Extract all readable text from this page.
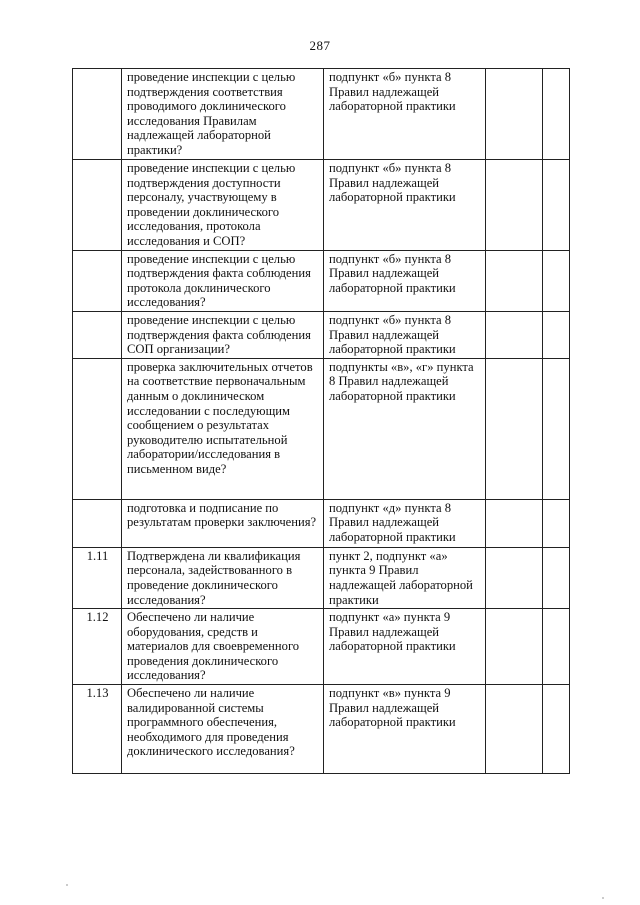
287
	проведение инспекции с целью подтверждения соответствия проводимого доклинического исследования Правилам надлежащей лабораторной практики?	подпункт «б» пункта 8 Правил надлежащей лабораторной практики		
	проведение инспекции с целью подтверждения доступности персоналу, участвующему в проведении доклинического исследования, протокола исследования и СОП?	подпункт «б» пункта 8 Правил надлежащей лабораторной практики		
	проведение инспекции с целью подтверждения факта соблюдения протокола доклинического исследования?	подпункт «б» пункта 8 Правил надлежащей лабораторной практики		
	проведение инспекции с целью подтверждения факта соблюдения СОП организации?	подпункт «б» пункта 8 Правил надлежащей лабораторной практики		
	проверка заключительных отчетов на соответствие первоначальным данным о доклиническом исследовании с последующим сообщением о результатах руководителю испытательной лаборатории/исследования в письменном виде?	подпункты «в», «г» пункта 8 Правил надлежащей лабораторной практики		
	подготовка и подписание по результатам проверки заключения?	подпункт «д» пункта 8 Правил надлежащей лабораторной практики		
1.11	Подтверждена ли квалификация персонала, задействованного в проведение доклинического исследования?	пункт 2, подпункт «а» пункта 9 Правил надлежащей лабораторной практики		
1.12	Обеспечено ли наличие оборудования, средств и материалов для своевременного проведения доклинического исследования?	подпункт «а» пункта 9 Правил надлежащей лабораторной практики		
1.13	Обеспечено ли наличие валидированной системы программного обеспечения, необходимого для проведения доклинического исследования?	подпункт «в» пункта 9 Правил надлежащей лабораторной практики		
